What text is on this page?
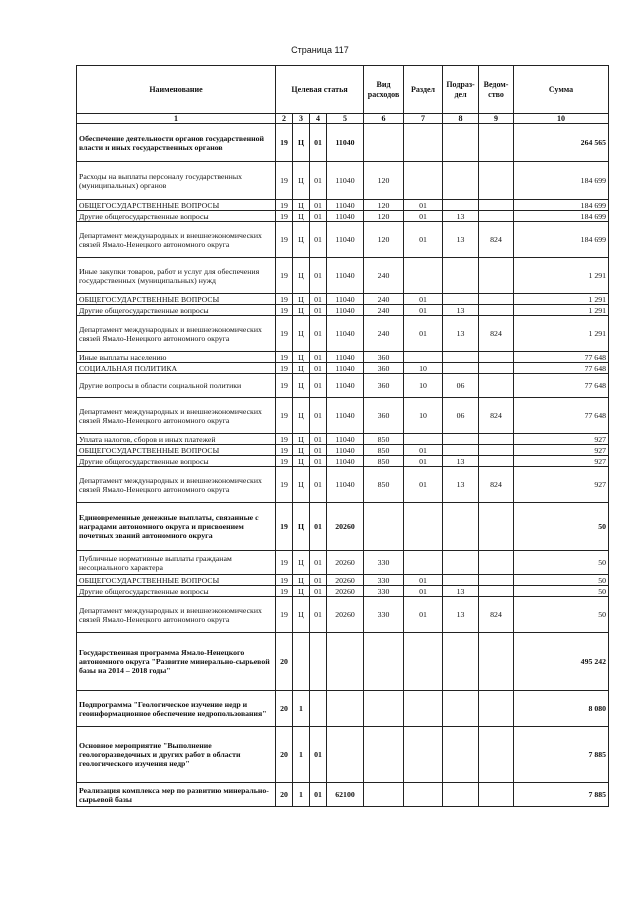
Страница 117
Наименование	Целевая статья				Вид расходов	Раздел	Подраз- дел	Ведом- ство	Сумма
1	2	3	4	5	6	7	8	9	10
Обеспечение деятельности органов государственной власти и иных государственных органов	19	Ц	01	11040					264 565
Расходы на выплаты персоналу государственных (муниципальных) органов	19	Ц	01	11040	120				184 699
ОБЩЕГОСУДАРСТВЕННЫЕ ВОПРОСЫ	19	Ц	01	11040	120	01			184 699
Другие общегосударственные вопросы	19	Ц	01	11040	120	01	13		184 699
Департамент международных и внешнеэкономических связей Ямало-Ненецкого автономного округа	19	Ц	01	11040	120	01	13	824	184 699
Иные закупки товаров, работ и услуг для обеспечения государственных (муниципальных) нужд	19	Ц	01	11040	240				1 291
ОБЩЕГОСУДАРСТВЕННЫЕ ВОПРОСЫ	19	Ц	01	11040	240	01			1 291
Другие общегосударственные вопросы	19	Ц	01	11040	240	01	13		1 291
Департамент международных и внешнеэкономических связей Ямало-Ненецкого автономного округа	19	Ц	01	11040	240	01	13	824	1 291
Иные выплаты населению	19	Ц	01	11040	360				77 648
СОЦИАЛЬНАЯ ПОЛИТИКА	19	Ц	01	11040	360	10			77 648
Другие вопросы в области социальной политики	19	Ц	01	11040	360	10	06		77 648
Департамент международных и внешнеэкономических связей Ямало-Ненецкого автономного округа	19	Ц	01	11040	360	10	06	824	77 648
Уплата налогов, сборов и иных платежей	19	Ц	01	11040	850				927
ОБЩЕГОСУДАРСТВЕННЫЕ ВОПРОСЫ	19	Ц	01	11040	850	01			927
Другие общегосударственные вопросы	19	Ц	01	11040	850	01	13		927
Департамент международных и внешнеэкономических связей Ямало-Ненецкого автономного округа	19	Ц	01	11040	850	01	13	824	927
Единовременные денежные выплаты, связанные с наградами автономного округа и присвоением почетных званий автономного округа	19	Ц	01	20260					50
Публичные нормативные выплаты гражданам несоциального характера	19	Ц	01	20260	330				50
ОБЩЕГОСУДАРСТВЕННЫЕ ВОПРОСЫ	19	Ц	01	20260	330	01			50
Другие общегосударственные вопросы	19	Ц	01	20260	330	01	13		50
Департамент международных и внешнеэкономических связей Ямало-Ненецкого автономного округа	19	Ц	01	20260	330	01	13	824	50
Государственная программа Ямало-Ненецкого автономного округа "Развитие минерально-сырьевой базы на 2014 – 2018 годы"	20								495 242
Подпрограмма "Геологическое изучение недр и геоинформационное обеспечение недропользования"	20	1							8 080
Основное мероприятие "Выполнение геологоразведочных и других работ в области геологического изучения недр"	20	1	01						7 885
Реализация комплекса мер по развитию минерально-сырьевой базы	20	1	01	62100					7 885
